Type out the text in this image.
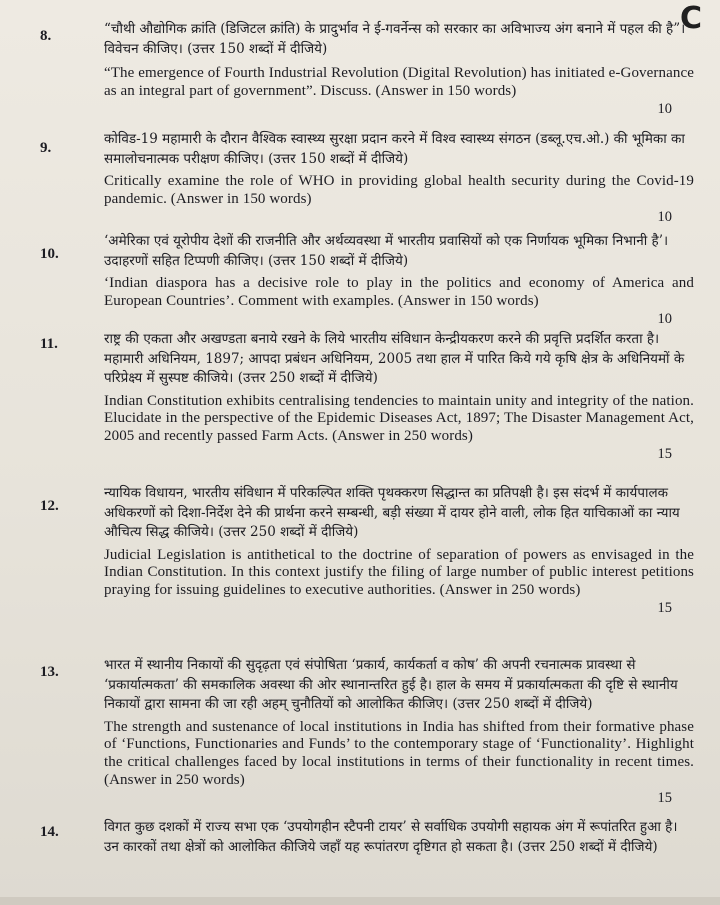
C
8.	“चौथी औद्योगिक क्रांति (डिजिटल क्रांति) के प्रादुर्भाव ने ई-गवर्नेन्स को सरकार का अविभाज्य अंग बनाने में पहल की है”। विवेचन कीजिए। (उत्तर 150 शब्दों में दीजिये)

“The emergence of Fourth Industrial Revolution (Digital Revolution) has initiated e-Governance as an integral part of government”. Discuss. (Answer in 150 words)

10
9.

कोविड-19 महामारी के दौरान वैश्विक स्वास्थ्य सुरक्षा प्रदान करने में विश्व स्वास्थ्य संगठन (डब्लू.एच.ओ.) की भूमिका का समालोचनात्मक परीक्षण कीजिए। (उत्तर 150 शब्दों में दीजिये)

Critically examine the role of WHO in providing global health security during the Covid-19 pandemic. (Answer in 150 words)

10
10.

‘अमेरिका एवं यूरोपीय देशों की राजनीति और अर्थव्यवस्था में भारतीय प्रवासियों को एक निर्णायक भूमिका निभानी है’। उदाहरणों सहित टिप्पणी कीजिए। (उत्तर 150 शब्दों में दीजिये)

‘Indian diaspora has a decisive role to play in the politics and economy of America and European Countries’. Comment with examples. (Answer in 150 words)

10
11.	राष्ट्र की एकता और अखण्डता बनाये रखने के लिये भारतीय संविधान केन्द्रीयकरण करने की प्रवृत्ति प्रदर्शित करता है। महामारी अधिनियम, 1897; आपदा प्रबंधन अधिनियम, 2005 तथा हाल में पारित किये गये कृषि क्षेत्र के अधिनियमों के परिप्रेक्ष्य में सुस्पष्ट कीजिये। (उत्तर 250 शब्दों में दीजिये)

Indian Constitution exhibits centralising tendencies to maintain unity and integrity of the nation. Elucidate in the perspective of the Epidemic Diseases Act, 1897; The Disaster Management Act, 2005 and recently passed Farm Acts. (Answer in 250 words)

15
12.

न्यायिक विधायन, भारतीय संविधान में परिकल्पित शक्ति पृथक्करण सिद्धान्त का प्रतिपक्षी है। इस संदर्भ में कार्यपालक अधिकरणों को दिशा-निर्देश देने की प्रार्थना करने सम्बन्धी, बड़ी संख्या में दायर होने वाली, लोक हित याचिकाओं का न्याय औचित्य सिद्ध कीजिये। (उत्तर 250 शब्दों में दीजिये)

Judicial Legislation is antithetical to the doctrine of separation of powers as envisaged in the Indian Constitution. In this context justify the filing of large number of public interest petitions praying for issuing guidelines to executive authorities. (Answer in 250 words)

15
13.	भारत में स्थानीय निकायों की सुदृढ़ता एवं संपोषिता ‘प्रकार्य, कार्यकर्ता व कोष’ की अपनी रचनात्मक प्रावस्था से ‘प्रकार्यात्मकता’ की समकालिक अवस्था की ओर स्थानान्तरित हुई है। हाल के समय में प्रकार्यात्मकता की दृष्टि से स्थानीय निकायों द्वारा सामना की जा रही अहम् चुनौतियों को आलोकित कीजिए। (उत्तर 250 शब्दों में दीजिये)

The strength and sustenance of local institutions in India has shifted from their formative phase of ‘Functions, Functionaries and Funds’ to the contemporary stage of ‘Functionality’. Highlight the critical challenges faced by local institutions in terms of their functionality in recent times. (Answer in 250 words)

15
14.	विगत कुछ दशकों में राज्य सभा एक ‘उपयोगहीन स्टैपनी टायर’ से सर्वाधिक उपयोगी सहायक अंग में रूपांतरित हुआ है। उन कारकों तथा क्षेत्रों को आलोकित कीजिये जहाँ यह रूपांतरण दृष्टिगत हो सकता है। (उत्तर 250 शब्दों में दीजिये)
